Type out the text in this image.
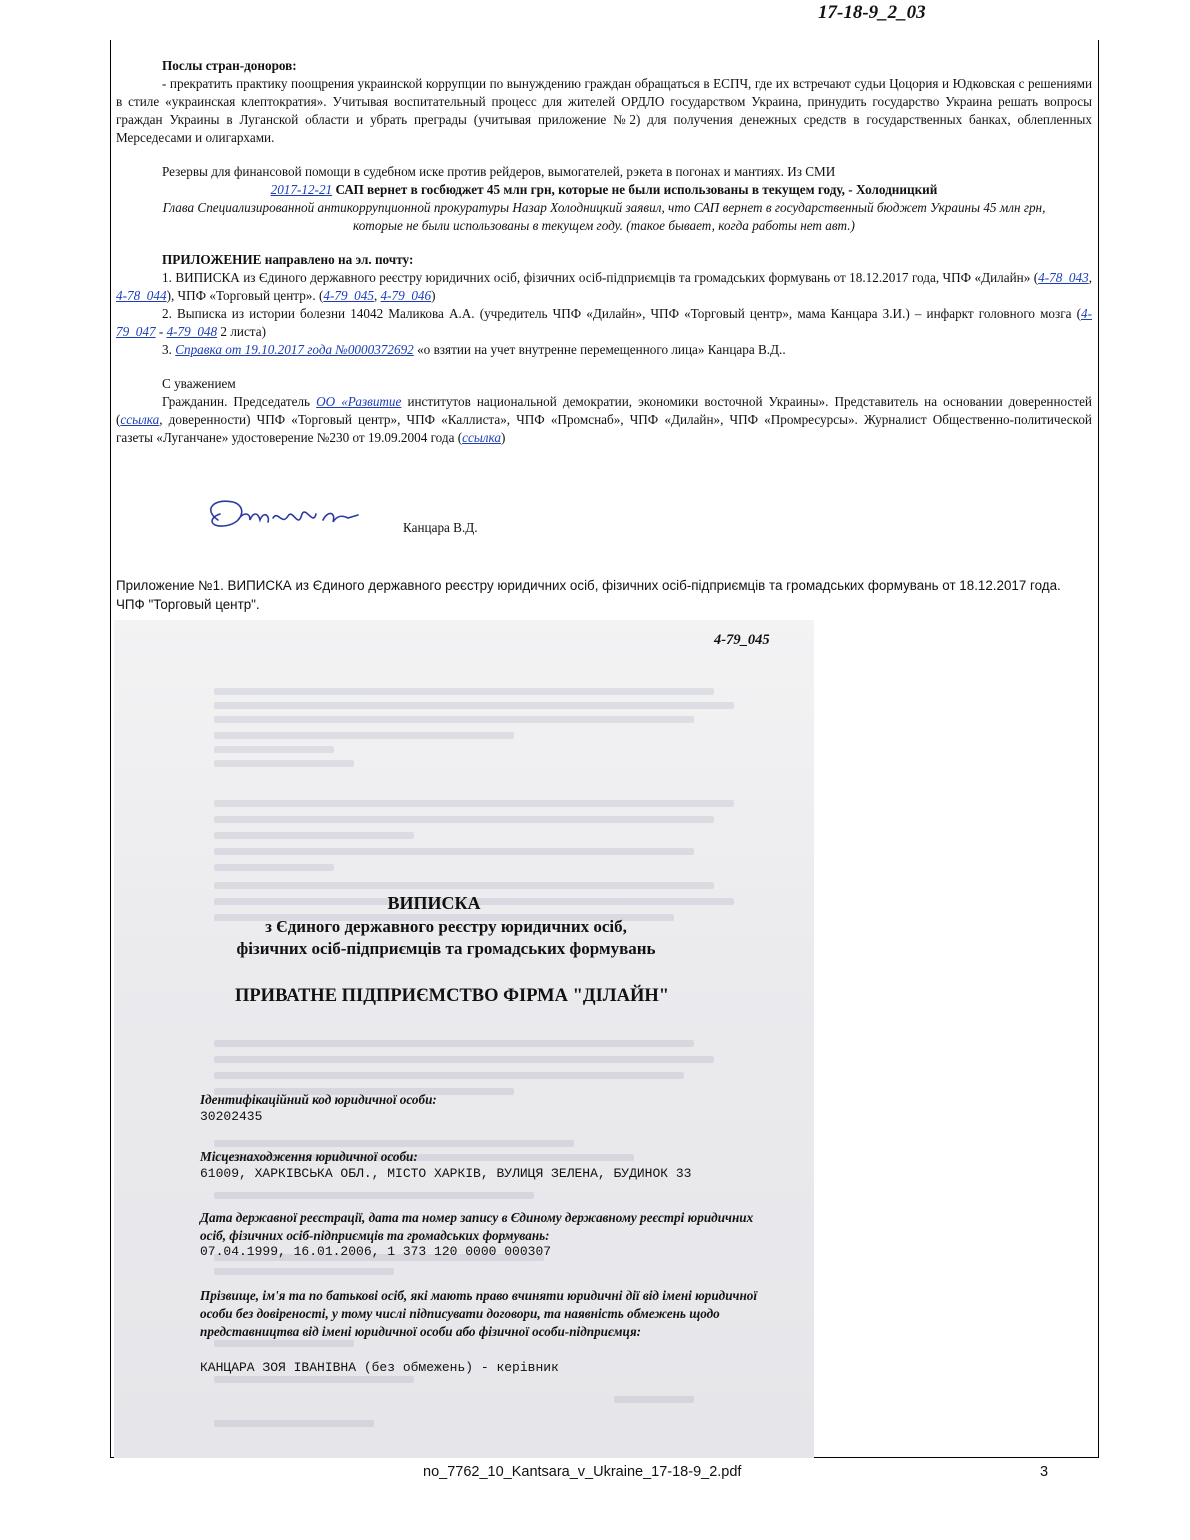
17-18-9_2_03

Послы стран-доноров:

- прекратить практику поощрения украинской коррупции по вынуждению граждан обращаться в ЕСПЧ, где их встречают судьи Цоцория и Юдковская с решениями в стиле «украинская клептократия». Учитывая воспитательный процесс для жителей ОРДЛО государством Украина, принудить государство Украина решать вопросы граждан Украины в Луганской области и убрать преграды (учитывая приложение №2) для получения денежных средств в государственных банках, облепленных Мерседесами и олигархами.

Резервы для финансовой помощи в судебном иске против рейдеров, вымогателей, рэкета в погонах и мантиях. Из СМИ

2017-12-21 САП вернет в госбюджет 45 млн грн, которые не были использованы в текущем году, - Холодницкий

Глава Специализированной антикоррупционной прокуратуры Назар Холодницкий заявил, что САП вернет в государственный бюджет Украины 45 млн грн, которые не были использованы в текущем году. (такое бывает, когда работы нет авт.)

ПРИЛОЖЕНИЕ направлено на эл. почту:

1. ВИПИСКА из Єдиного державного реєстру юридичних осіб, фізичних осіб-підприємців та громадських формувань от 18.12.2017 года, ЧПФ «Дилайн» (4-78_043, 4-78_044), ЧПФ «Торговый центр». (4-79_045, 4-79_046)

2. Выписка из истории болезни 14042 Маликова А.А. (учредитель ЧПФ «Дилайн», ЧПФ «Торговый центр», мама Канцара З.И.) – инфаркт головного мозга (4-79_047 - 4-79_048 2 листа)

3. Справка от 19.10.2017 года №0000372692 «о взятии на учет внутренне перемещенного лица» Канцара В.Д..

С уважением

Гражданин. Председатель ОО «Развитие институтов национальной демократии, экономики восточной Украины». Представитель на основании доверенностей (ссылка, доверенности) ЧПФ «Торговый центр», ЧПФ «Каллиста», ЧПФ «Промснаб», ЧПФ «Дилайн», ЧПФ «Промресурсы». Журналист Общественно-политической газеты «Луганчане» удостоверение №230 от 19.09.2004 года (ссылка)

Канцара В.Д.
Приложение №1. ВИПИСКА из Єдиного державного реєстру юридичних осіб, фізичних осіб-підприємців та громадських формувань от 18.12.2017 года. ЧПФ "Торговый центр".
4-79_045
ВИПИСКА
з Єдиного державного реєстру юридичних осіб,
фізичних осіб-підприємців та громадських формувань
ПРИВАТНЕ ПІДПРИЄМСТВО ФІРМА "ДІЛАЙН"
Ідентифікаційний код юридичної особи:
30202435
Місцезнаходження юридичної особи:
61009, ХАРКІВСЬКА ОБЛ., МІСТО ХАРКІВ, ВУЛИЦЯ ЗЕЛЕНА, БУДИНОК 33
Дата державної реєстрації, дата та номер запису в Єдиному державному реєстрі юридичних осіб, фізичних осіб-підприємців та громадських формувань:
07.04.1999, 16.01.2006, 1 373 120 0000 000307
Прізвище, ім'я та по батькові осіб, які мають право вчиняти юридичні дії від імені юридичної особи без довіреності, у тому числі підписувати договори, та наявність обмежень щодо представництва від імені юридичної особи або фізичної особи-підприємця:
КАНЦАРА ЗОЯ ІВАНІВНА (без обмежень) - керівник
no_7762_10_Kantsara_v_Ukraine_17-18-9_2.pdf	3
